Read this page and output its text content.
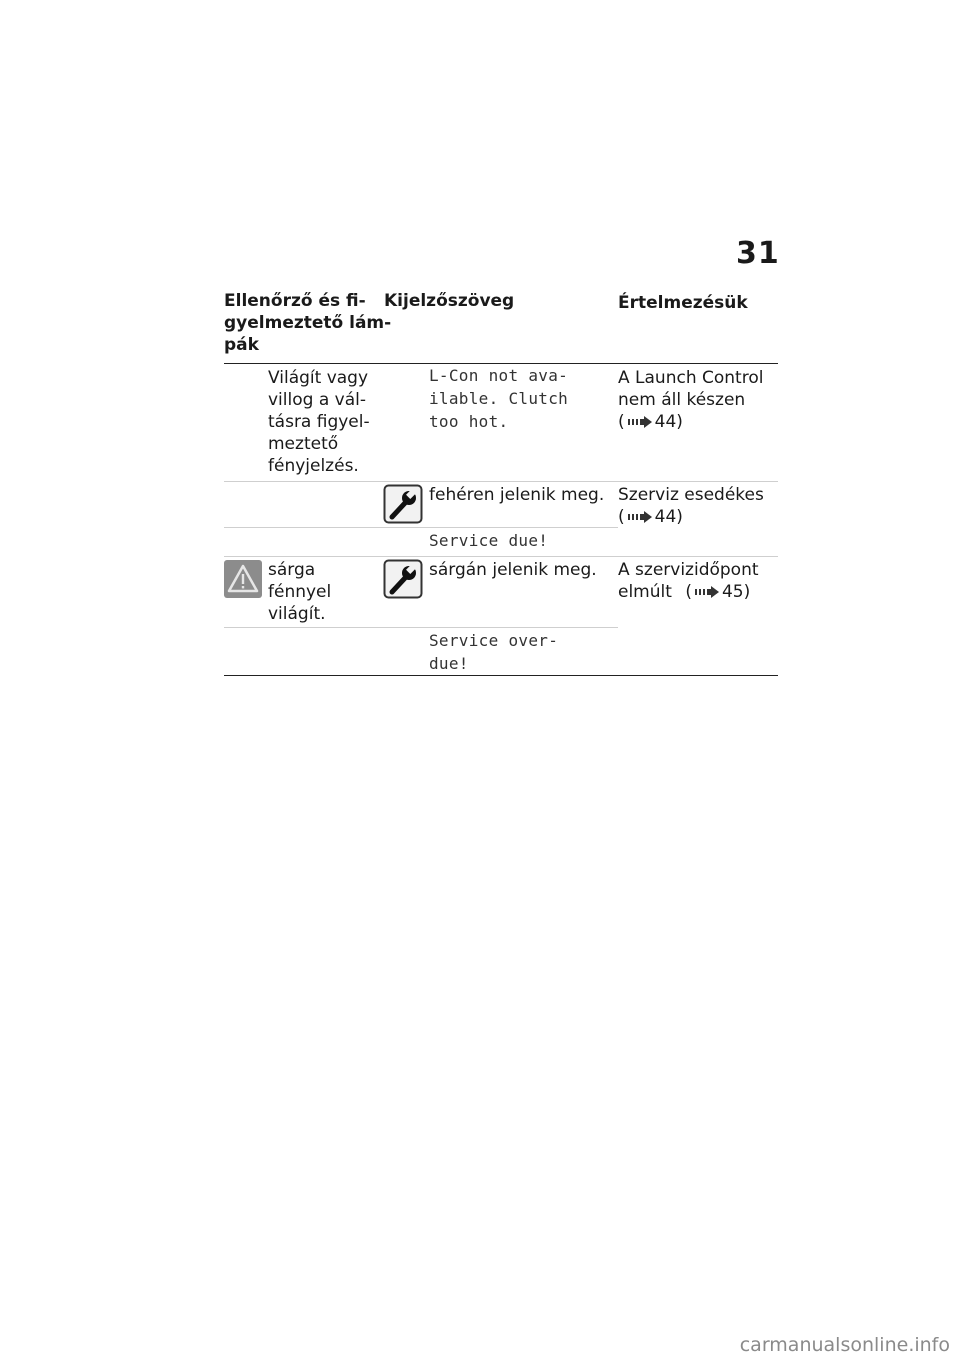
31
Ellenőrző és fi-
gyelmeztető lám-
pák
Kijelzőszöveg	Értelmezésük
Világít vagy
villog a vál-
tásra figyel-
meztető
fényjelzés.
L-Con not ava-
ilable. Clutch
too hot.
A Launch Control
nem áll készen
( 44)
fehéren jelenik meg.
Service due!
Szerviz esedékes
( 44)
sárga
fénnyel
világít.
sárgán jelenik meg. A szervizidőpont
elmúlt ( 45)
Service over-
due!
carmanualsonline.info
